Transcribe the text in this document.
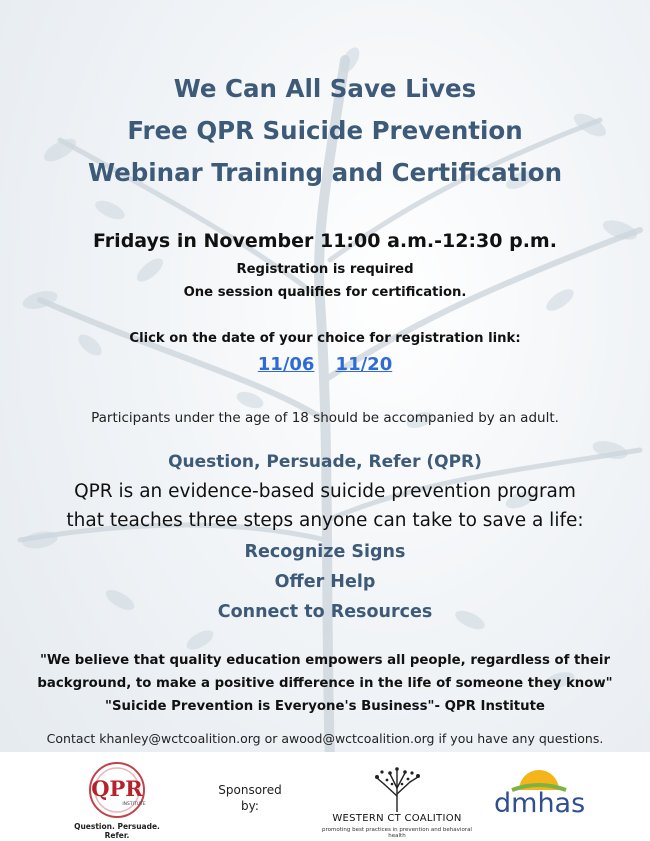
We Can All Save Lives
Free QPR Suicide Prevention
Webinar Training and Certification
Fridays in November 11:00 a.m.-12:30 p.m.
Registration is required
One session qualifies for certification.
Click on the date of your choice for registration link:
11/06 11/20
Participants under the age of 18 should be accompanied by an adult.
Question, Persuade, Refer (QPR)
QPR is an evidence-based suicide prevention program
that teaches three steps anyone can take to save a life:
Recognize Signs
Offer Help
Connect to Resources
"We believe that quality education empowers all people, regardless of their
background, to make a positive difference in the life of someone they know"
"Suicide Prevention is Everyone's Business"- QPR Institute
Contact khanley@wctcoalition.org or awood@wctcoalition.org if you have any questions.
QPR
INSTITUTE
Question. Persuade. Refer.
Sponsored
by:
WESTERN CT COALITION
promoting best practices in prevention and behavioral health
dmhas
